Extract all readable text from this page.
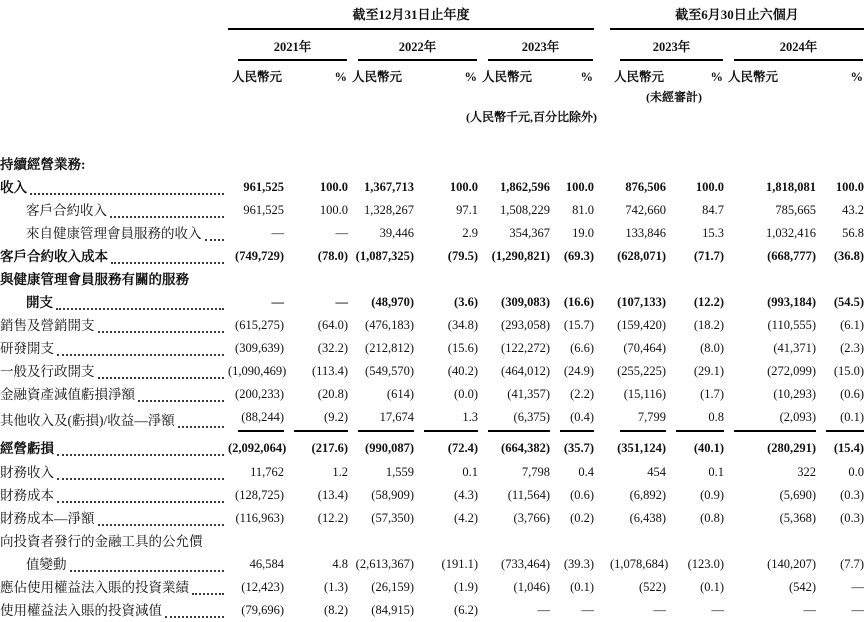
	截至12月31日止年度							截至6月30日止六個月			

	2021年		2022年		2023年			2023年		2024年	

	人民幣元	%	人民幣元	%	人民幣元	%		人民幣元	%	人民幣元	%
								(未經審計)			
(人民幣千元,百分比除外)											

持續經營業務:											

收入	961,525	100.0	1,367,713	100.0	1,862,596	100.0		876,506	100.0	1,818,081	100.0

客戶合約收入	961,525	100.0	1,328,267	97.1	1,508,229	81.0		742,660	84.7	785,665	43.2

來自健康管理會員服務的收入	—	—	39,446	2.9	354,367	19.0		133,846	15.3	1,032,416	56.8

客戶合約收入成本	(749,729)	(78.0)	(1,087,325)	(79.5)	(1,290,821)	(69.3)		(628,071)	(71.7)	(668,777)	(36.8)

與健康管理會員服務有關的服務											

開支	—	—	(48,970)	(3.6)	(309,083)	(16.6)		(107,133)	(12.2)	(993,184)	(54.5)

銷售及營銷開支	(615,275)	(64.0)	(476,183)	(34.8)	(293,058)	(15.7)		(159,420)	(18.2)	(110,555)	(6.1)

研發開支	(309,639)	(32.2)	(212,812)	(15.6)	(122,272)	(6.6)		(70,464)	(8.0)	(41,371)	(2.3)

一般及行政開支	(1,090,469)	(113.4)	(549,570)	(40.2)	(464,012)	(24.9)		(255,225)	(29.1)	(272,099)	(15.0)

金融資產減值虧損淨額	(200,233)	(20.8)	(614)	(0.0)	(41,357)	(2.2)		(15,116)	(1.7)	(10,293)	(0.6)

其他收入及(虧損)/收益—淨額	(88,244)	(9.2)	17,674	1.3	(6,375)	(0.4)		7,799	0.8	(2,093)	(0.1)

經營虧損	(2,092,064)	(217.6)	(990,087)	(72.4)	(664,382)	(35.7)		(351,124)	(40.1)	(280,291)	(15.4)

財務收入	11,762	1.2	1,559	0.1	7,798	0.4		454	0.1	322	0.0

財務成本	(128,725)	(13.4)	(58,909)	(4.3)	(11,564)	(0.6)		(6,892)	(0.9)	(5,690)	(0.3)

財務成本—淨額	(116,963)	(12.2)	(57,350)	(4.2)	(3,766)	(0.2)		(6,438)	(0.8)	(5,368)	(0.3)

向投資者發行的金融工具的公允價											

值變動	46,584	4.8	(2,613,367)	(191.1)	(733,464)	(39.3)		(1,078,684)	(123.0)	(140,207)	(7.7)

應佔使用權益法入賬的投資業績	(12,423)	(1.3)	(26,159)	(1.9)	(1,046)	(0.1)		(522)	(0.1)	(542)	—

使用權益法入賬的投資減值	(79,696)	(8.2)	(84,915)	(6.2)	—	—		—	—	—	—
